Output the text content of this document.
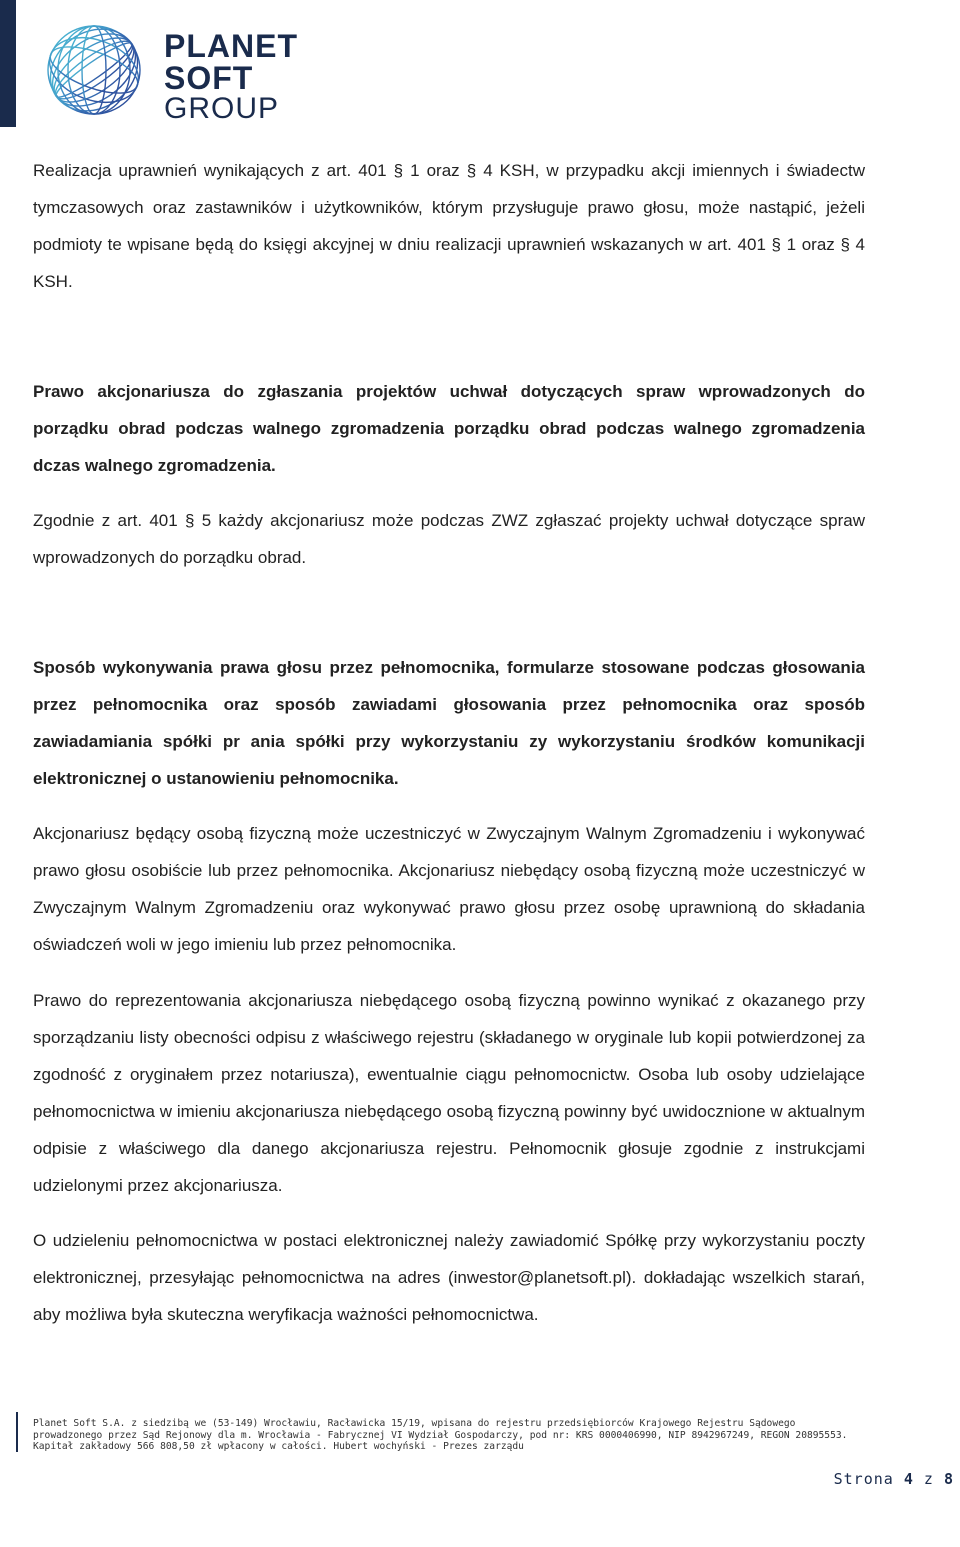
PLANET
SOFT
GROUP

Realizacja uprawnień wynikających z art. 401 § 1 oraz § 4 KSH, w przypadku akcji imiennych i świadectw tymczasowych oraz zastawników i użytkowników, którym przysługuje prawo głosu, może nastąpić, jeżeli podmioty te wpisane będą do księgi akcyjnej w dniu realizacji uprawnień wskazanych w art. 401 § 1 oraz § 4 KSH.

Prawo akcjonariusza do zgłaszania projektów uchwał dotyczących spraw wprowadzonych do porządku obrad podczas walnego zgromadzenia porządku obrad podczas walnego zgromadzenia dczas walnego zgromadzenia.

Zgodnie z art. 401 § 5 każdy akcjonariusz może podczas ZWZ zgłaszać projekty uchwał dotyczące spraw wprowadzonych do porządku obrad.

Sposób wykonywania prawa głosu przez pełnomocnika, formularze stosowane podczas głosowania przez pełnomocnika oraz sposób zawiadami głosowania przez pełnomocnika oraz sposób zawiadamiania spółki pr ania spółki przy wykorzystaniu zy wykorzystaniu środków komunikacji elektronicznej o ustanowieniu pełnomocnika.

Akcjonariusz będący osobą fizyczną może uczestniczyć w Zwyczajnym Walnym Zgromadzeniu i wykonywać prawo głosu osobiście lub przez pełnomocnika. Akcjonariusz niebędący osobą fizyczną może uczestniczyć w Zwyczajnym Walnym Zgromadzeniu oraz wykonywać prawo głosu przez osobę uprawnioną do składania oświadczeń woli w jego imieniu lub przez pełnomocnika.

Prawo do reprezentowania akcjonariusza niebędącego osobą fizyczną powinno wynikać z okazanego przy sporządzaniu listy obecności odpisu z właściwego rejestru (składanego w oryginale lub kopii potwierdzonej za zgodność z oryginałem przez notariusza), ewentualnie ciągu pełnomocnictw. Osoba lub osoby udzielające pełnomocnictwa w imieniu akcjonariusza niebędącego osobą fizyczną powinny być uwidocznione w aktualnym odpisie z właściwego dla danego akcjonariusza rejestru. Pełnomocnik głosuje zgodnie z instrukcjami udzielonymi przez akcjonariusza.

O udzieleniu pełnomocnictwa w postaci elektronicznej należy zawiadomić Spółkę przy wykorzystaniu poczty elektronicznej, przesyłając pełnomocnictwa na adres (inwestor@planetsoft.pl). dokładając wszelkich starań, aby możliwa była skuteczna weryfikacja ważności pełnomocnictwa.

Planet Soft S.A. z siedzibą we (53-149) Wrocławiu, Racławicka 15/19, wpisana do rejestru przedsiębiorców Krajowego Rejestru Sądowego
prowadzonego przez Sąd Rejonowy dla m. Wrocławia - Fabrycznej VI Wydział Gospodarczy, pod nr: KRS 0000406990, NIP 8942967249, REGON 20895553.
Kapitał zakładowy 566 808,50 zł wpłacony w całości. Hubert wochyński - Prezes zarządu
Strona 4 z 8
